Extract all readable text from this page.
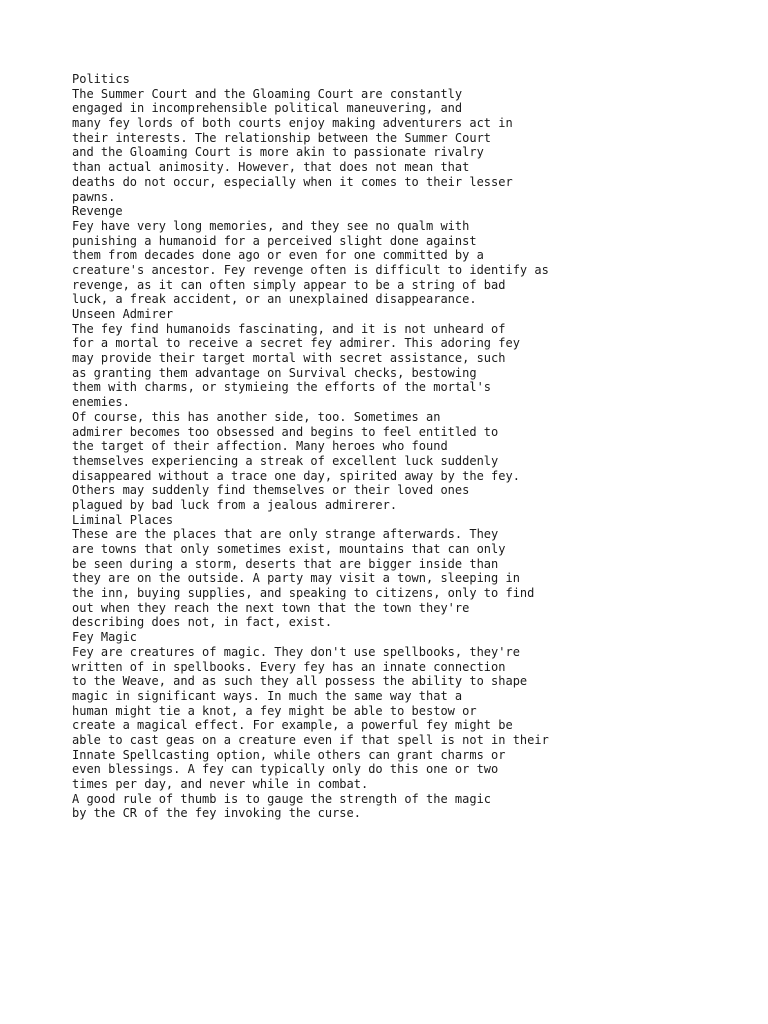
Politics
The Summer Court and the Gloaming Court are constantly
engaged in incomprehensible political maneuvering, and
many fey lords of both courts enjoy making adventurers act in
their interests. The relationship between the Summer Court
and the Gloaming Court is more akin to passionate rivalry
than actual animosity. However, that does not mean that
deaths do not occur, especially when it comes to their lesser
pawns.
Revenge
Fey have very long memories, and they see no qualm with
punishing a humanoid for a perceived slight done against
them from decades done ago or even for one committed by a
creature's ancestor. Fey revenge often is difficult to identify as
revenge, as it can often simply appear to be a string of bad
luck, a freak accident, or an unexplained disappearance.
Unseen Admirer
The fey find humanoids fascinating, and it is not unheard of
for a mortal to receive a secret fey admirer. This adoring fey
may provide their target mortal with secret assistance, such
as granting them advantage on Survival checks, bestowing
them with charms, or stymieing the efforts of the mortal's
enemies.
Of course, this has another side, too. Sometimes an
admirer becomes too obsessed and begins to feel entitled to
the target of their affection. Many heroes who found
themselves experiencing a streak of excellent luck suddenly
disappeared without a trace one day, spirited away by the fey.
Others may suddenly find themselves or their loved ones
plagued by bad luck from a jealous admirerer.
Liminal Places
These are the places that are only strange afterwards. They
are towns that only sometimes exist, mountains that can only
be seen during a storm, deserts that are bigger inside than
they are on the outside. A party may visit a town, sleeping in
the inn, buying supplies, and speaking to citizens, only to find
out when they reach the next town that the town they're
describing does not, in fact, exist.
Fey Magic
Fey are creatures of magic. They don't use spellbooks, they're
written of in spellbooks. Every fey has an innate connection
to the Weave, and as such they all possess the ability to shape
magic in significant ways. In much the same way that a
human might tie a knot, a fey might be able to bestow or
create a magical effect. For example, a powerful fey might be
able to cast geas on a creature even if that spell is not in their
Innate Spellcasting option, while others can grant charms or
even blessings. A fey can typically only do this one or two
times per day, and never while in combat.
A good rule of thumb is to gauge the strength of the magic
by the CR of the fey invoking the curse.
